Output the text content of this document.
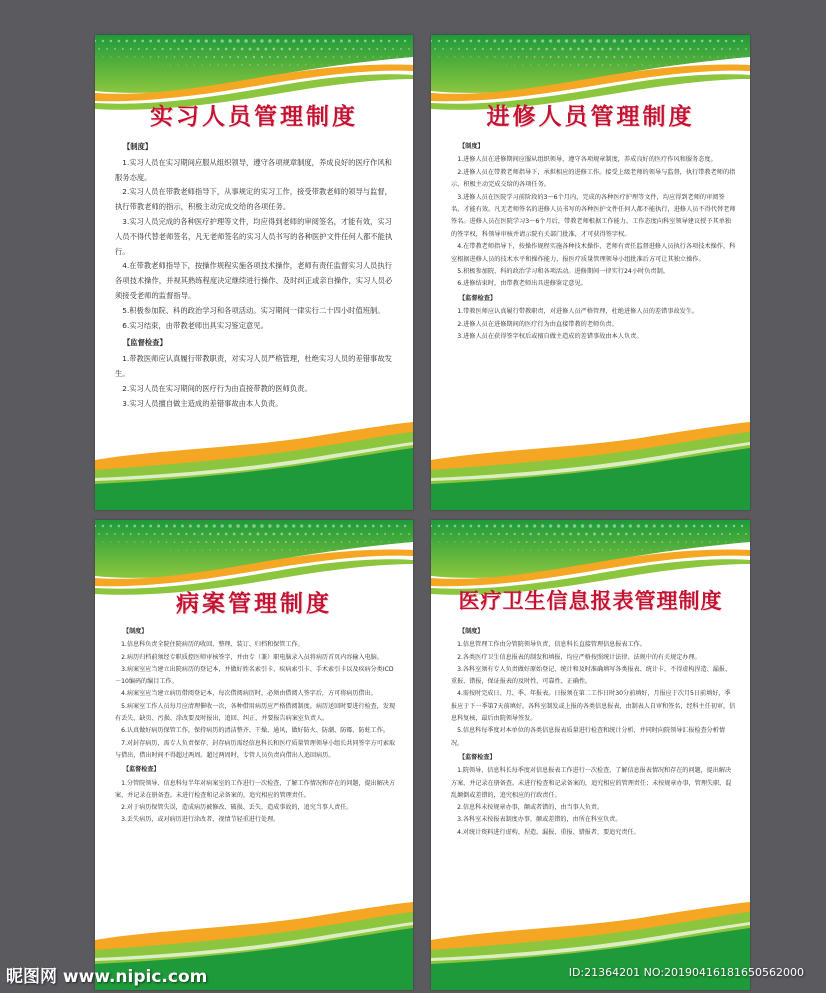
实习人员管理制度

【制度】

1.实习人员在实习期间应服从组织领导，遵守各项规章制度，养成良好的医疗作风和服务态度。

2.实习人员在带教老师指导下，从事规定的实习工作，接受带教老师的领导与监督，执行带教老师的指示，积极主动完成交给的各项任务。

3.实习人员完成的各种医疗护理等文件，均应得到老师的审阅签名，才能有效，实习人员不得代替老师签名，凡无老师签名的实习人员书写的各种医护文件任何人都不能执行。

4.在带教老师指导下，按操作规程实施各项技术操作，老师有责任监督实习人员执行各项技术操作，并视其熟练程度决定继续进行操作、及时纠正或亲自操作，实习人员必须接受老师的监督指导。

5.积极参加院、科的政治学习和各项活动。实习期间一律实行二十四小时值班制。

6.实习结束，由带教老师出具实习鉴定意见。

【监督检查】

1.带教医师应认真履行带教职责，对实习人员严格管理，杜绝实习人员的差错事故发生。

2.实习人员在实习期间的医疗行为由直接带教的医师负责。

3.实习人员擅自做主造成的差错事故由本人负责。

进修人员管理制度

【制度】

1.进修人员在进修期间应服从组织领导，遵守各项规章制度，养成良好的医疗作风和服务态度。

2.进修人员在带教老师指导下，承担相应的进修工作。接受上级老师的领导与监督，执行带教老师的指示，积极主动完成交给的各项任务。

3.进修人员在医院学习前阶段的3～6个月内，完成的各种医疗护理等文件，均应得到老师的审阅签名，才能有效。凡无老师签名的进修人员书写的各种医护文件任何人都不能执行，进修人员不得代替老师签名。进修人员在医院学习3～6个月后，带教老师根据工作能力、工作态度向科室领导建议授予其单独的签字权，科领导审核并请示院有关部门批准，才可获得签字权。

4.在带教老师指导下，按操作规程实施各种技术操作，老师有责任监督进修人员执行各项技术操作，科室根据进修人员的技术水平和操作能力，报医疗质量管理领导小组批准后方可让其独立操作。

5.积极参加院、科的政治学习和各项活动。进修期间一律实行24小时负责制。

6.进修结束时，由带教老师出具进修鉴定意见。

【监督检查】

1.带教医师应认真履行带教职责，对进修人员严格管理，杜绝进修人员的差错事故发生。

2.进修人员在进修期间的医疗行为由直接带教的老师负责。

3.进修人员在获得签字权后或擅自做主造成的差错事故由本人负责。

病案管理制度

【制度】

1.信息科负责全院住院病历的收回、整理、装订、归档和保管工作。

2.病历归档前须经专职质控医师审核签字，并由专（兼）职电脑录入员将病历首页内容输入电脑。

3.病案室应当建立出院病历的登记本，并做好姓名索引卡、疾病索引卡、手术索引卡以及疾病分类ICD－10编码的编目工作。

4.病案室应当建立病历借阅登记本，每次借阅病历时，必须由借阅人签字后，方可将病历借出。

5.病案室工作人员每月应清理催收一次，各种借用病历应严格借阅制度。病历送回时要进行检查，发现有丢失、缺页、污损、涂改要及时报出，追回、纠正，并要报告病案室负责人。

6.认真做好病历保管工作，保持病历的清洁整齐、干燥、通风，做好防火、防潮、防霉、防蛀工作。

7.对封存病历，需专人负责保存，封存病历需经信息科长和医疗质量管理领导小组长共同签字方可索取与借出，借出时间不得超过两周。超过两周时，专管人员负责向借出人追回病历。

【监督检查】

1.分管院领导、信息科每半年对病案室的工作进行一次检查，了解工作情况和存在的问题，提出解决方案，并记录在册备查。未进行检查和记录备案的，追究相应的管理责任。

2.对于病历保管失误，造成病历被修改、破损、丢失，造成事故的，追究当事人责任。

3.丢失病历，或对病历进行涂改者，视情节轻重进行处理。

医疗卫生信息报表管理制度

【制度】

1.信息管理工作由分管院领导负责，信息科长直接管理信息报表工作。

2.各类医疗卫生信息报表的制发和填报，均应严格按照统计法律、法规中的有关规定办理。

3.各科室须有专人负责做好原始登记、统计和及时准确填写各类报表、统计卡，不得虚构捏造、漏报、重报、错报，保证报表的及时性、可靠性、正确性。

4.需按时完成日、月、季、年报表。日报须在第二工作日时30分前填好，月报应于次月5日前填好，季报应于下一季第7天前填好。各科室制发或上报的各类信息报表，由制表人自审和签名，经科主任初审，信息科复核，最后由院领导签发。

5.信息科每季度对本单位的各类信息报表质量进行检查和统计分析，并同时向院领导汇报检查分析情况。

【监督检查】

1.院领导、信息科长每季度对信息报表工作进行一次检查，了解信息报表情况和存在的问题，提出解决方案，并记录在册备查。未进行检查和记录备案的，追究相应的管理责任；未按规章办事，管理失职、混乱颠倒或差错的，追究相应的行政责任。

2.信息科未按规章办事，颠或者错的，由当事人负责。

3.各科室未按报表制度办事，颠或差错的，由所在科室负责。

4.对统计资料进行虚构、捏造、漏报、重报、错报者，要追究责任。

昵图网 www.nipic.com	ID:21364201 NO:20190416181650562000
